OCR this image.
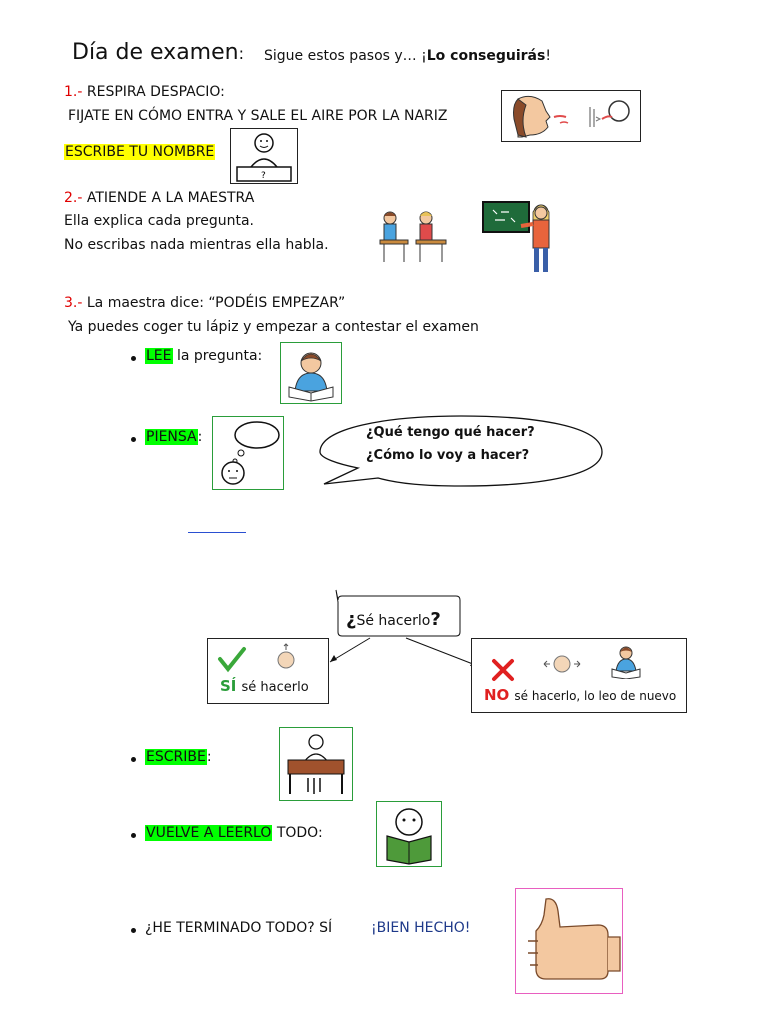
Día de examen: Sigue estos pasos y… ¡Lo conseguirás!
1.- RESPIRA DESPACIO:
FIJATE EN CÓMO ENTRA Y SALE EL AIRE POR LA NARIZ
ESCRIBE TU NOMBRE
?
2.- ATIENDE A LA MAESTRA
Ella explica cada pregunta.
No escribas nada mientras ella habla.
3.- La maestra dice: “PODÉIS EMPEZAR”
Ya puedes coger tu lápiz y empezar a contestar el examen
LEE la pregunta:
PIENSA:	¿Qué tengo qué hacer?
¿Cómo lo voy a hacer?
¿Sé hacerlo?
SÍ sé hacerlo	NO sé hacerlo, lo leo de nuevo
ESCRIBE:
VUELVE A LEERLO TODO:
¿HE TERMINADO TODO? SÍ	¡BIEN HECHO!
